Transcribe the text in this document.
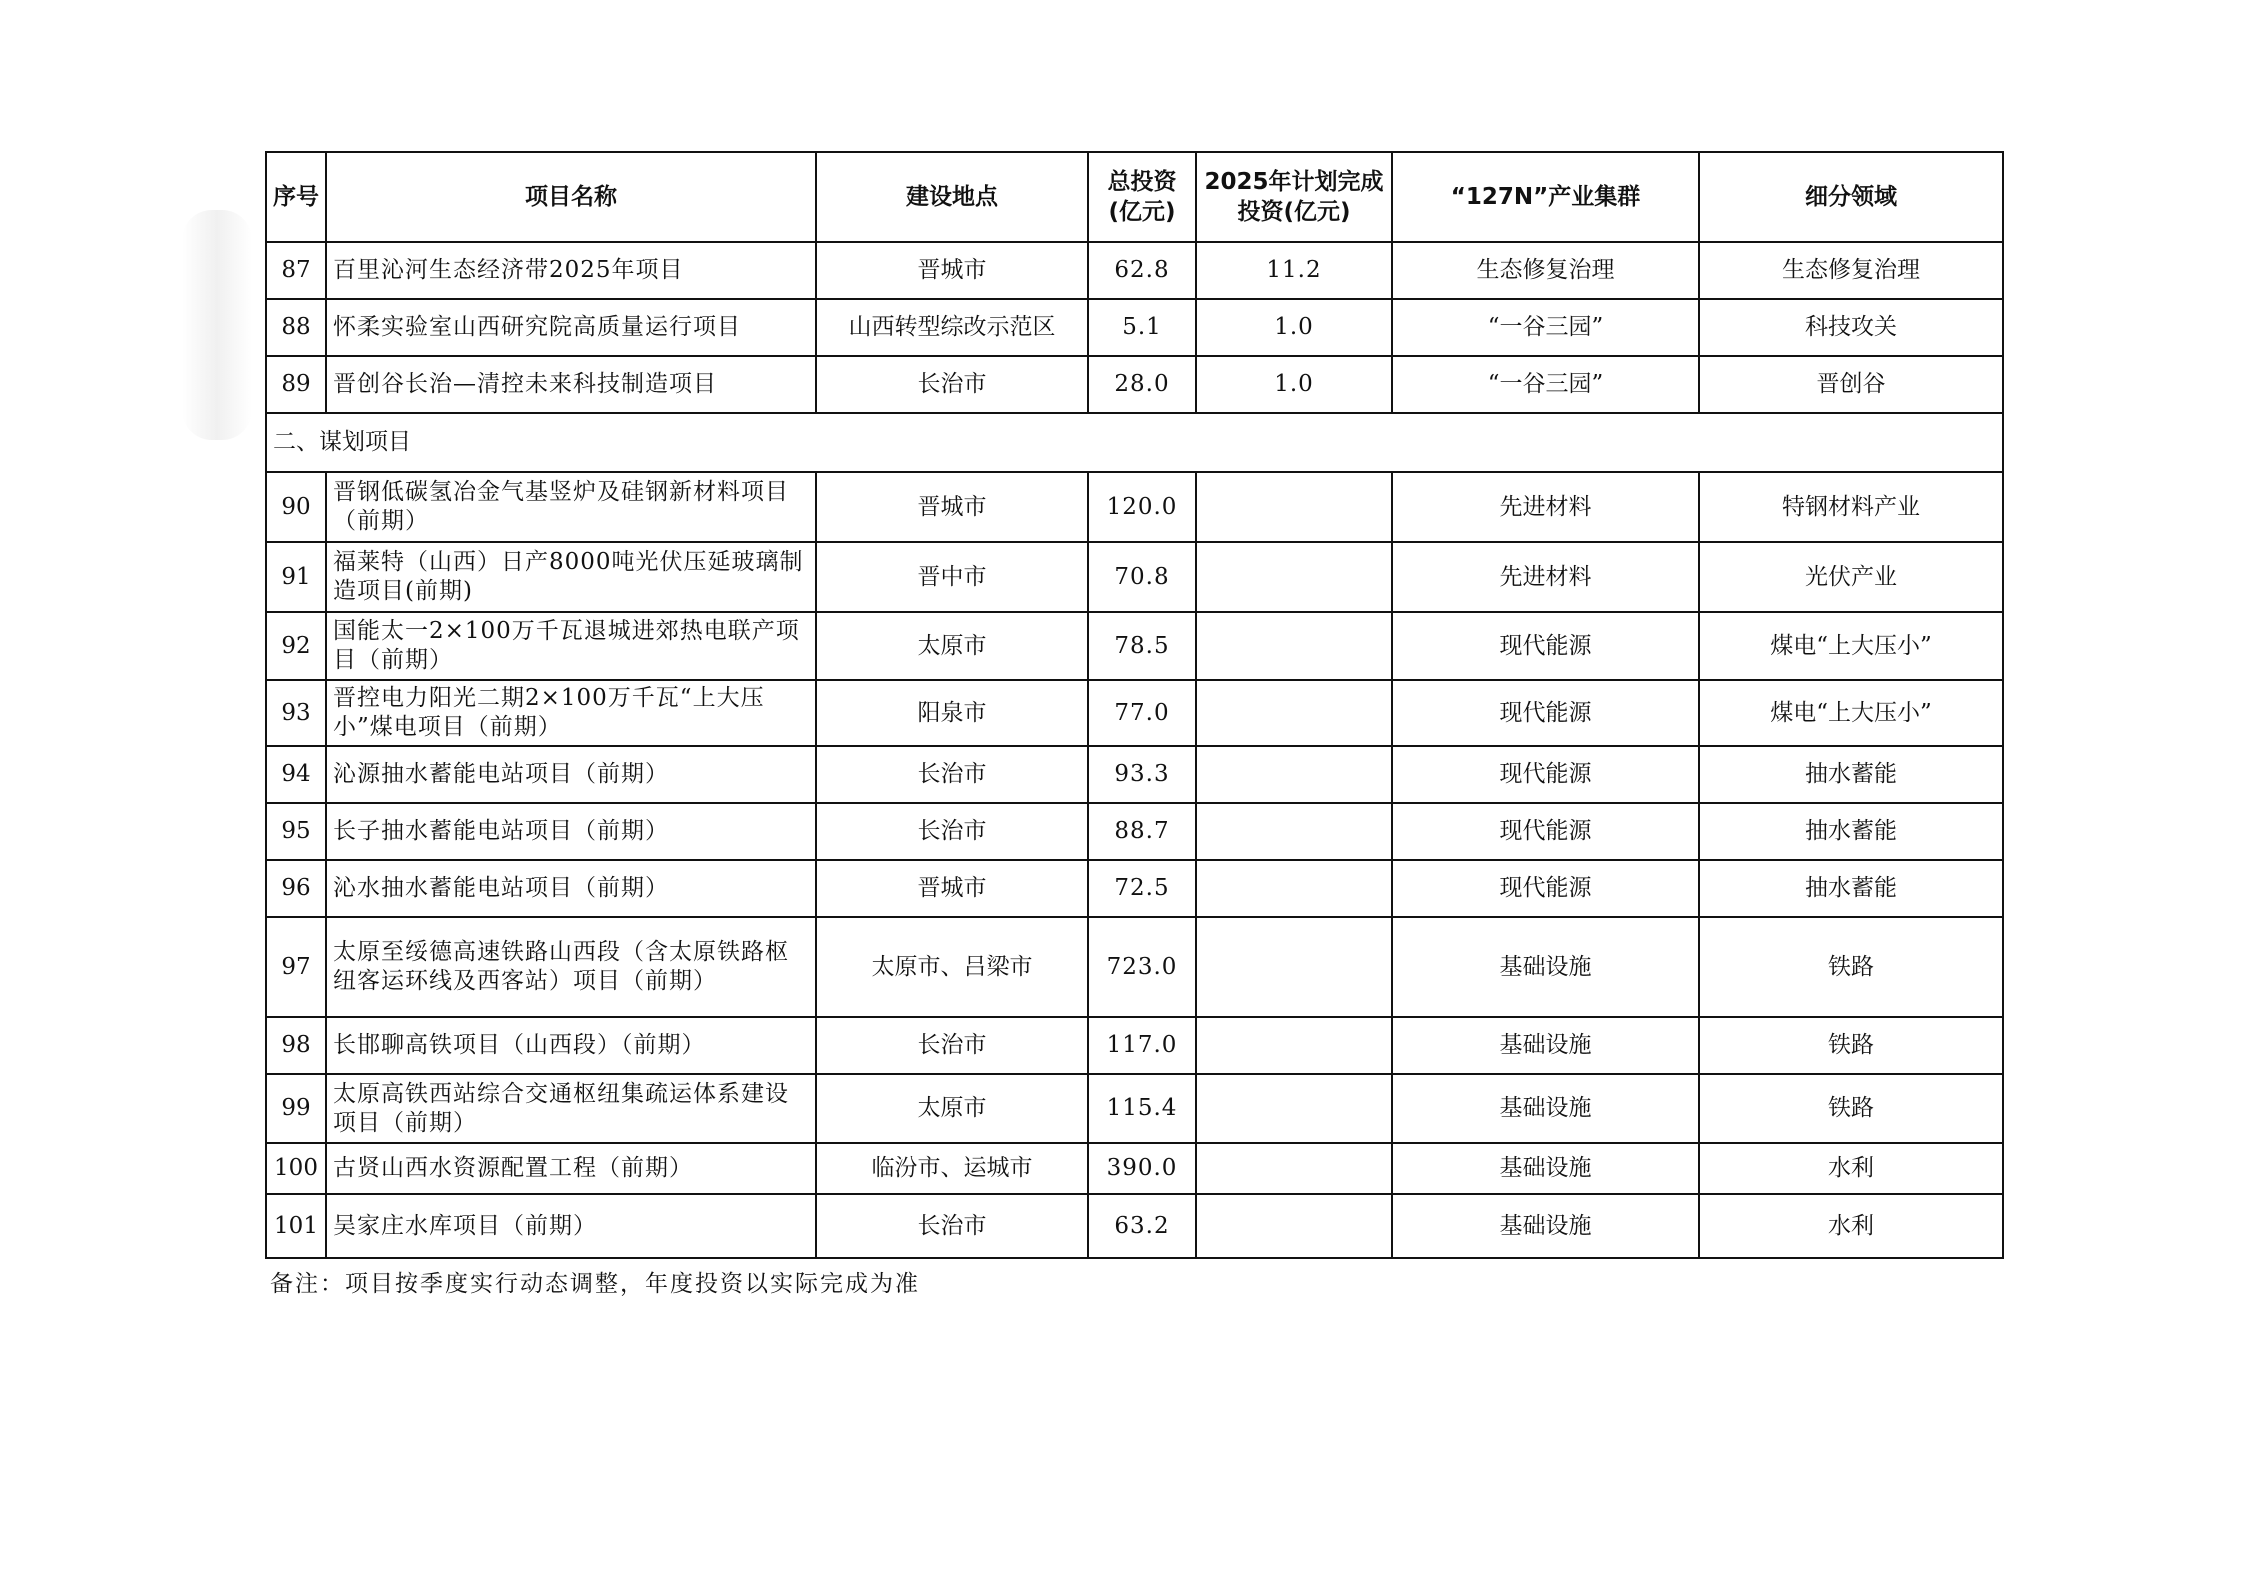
序号	项目名称	建设地点	总投资(亿元)	2025年计划完成投资(亿元)	“127N”产业集群	细分领域
87	百里沁河生态经济带2025年项目	晋城市	62.8	11.2	生态修复治理	生态修复治理
88	怀柔实验室山西研究院高质量运行项目	山西转型综改示范区	5.1	1.0	“一谷三园”	科技攻关
89	晋创谷长治—清控未来科技制造项目	长治市	28.0	1.0	“一谷三园”	晋创谷
二、谋划项目						
90	晋钢低碳氢冶金气基竖炉及硅钢新材料项目（前期）	晋城市	120.0		先进材料	特钢材料产业
91	福莱特（山西）日产8000吨光伏压延玻璃制造项目(前期)	晋中市	70.8		先进材料	光伏产业
92	国能太一2×100万千瓦退城进郊热电联产项目（前期）	太原市	78.5		现代能源	煤电“上大压小”
93	晋控电力阳光二期2×100万千瓦“上大压小”煤电项目（前期）	阳泉市	77.0		现代能源	煤电“上大压小”
94	沁源抽水蓄能电站项目（前期）	长治市	93.3		现代能源	抽水蓄能
95	长子抽水蓄能电站项目（前期）	长治市	88.7		现代能源	抽水蓄能
96	沁水抽水蓄能电站项目（前期）	晋城市	72.5		现代能源	抽水蓄能
97	太原至绥德高速铁路山西段（含太原铁路枢纽客运环线及西客站）项目（前期）	太原市、吕梁市	723.0		基础设施	铁路
98	长邯聊高铁项目（山西段）（前期）	长治市	117.0		基础设施	铁路
99	太原高铁西站综合交通枢纽集疏运体系建设项目（前期）	太原市	115.4		基础设施	铁路
100	古贤山西水资源配置工程（前期）	临汾市、运城市	390.0		基础设施	水利
101	吴家庄水库项目（前期）	长治市	63.2		基础设施	水利
备注：项目按季度实行动态调整，年度投资以实际完成为准
